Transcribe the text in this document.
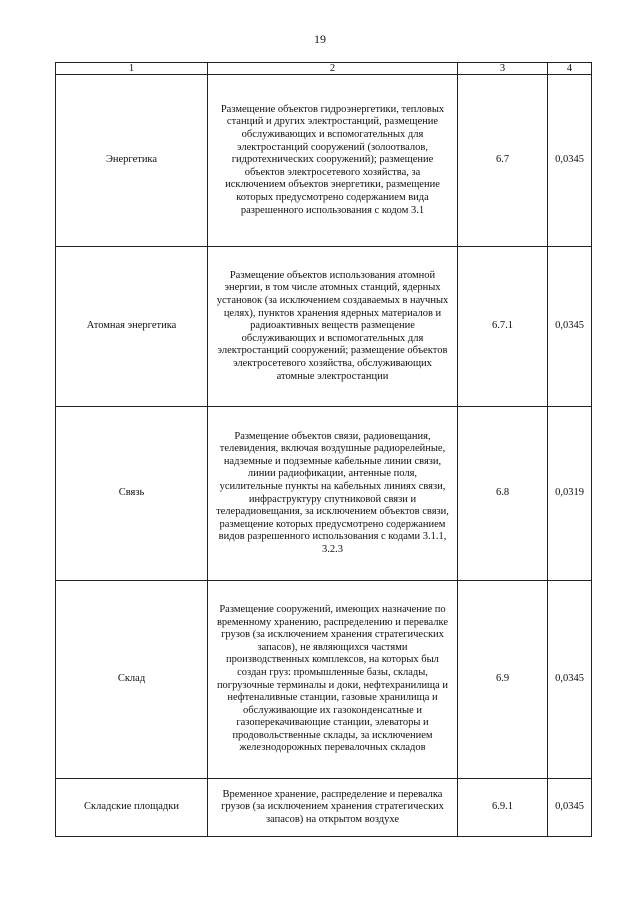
19
1	2	3	4
Энергетика	Размещение объектов гидроэнергетики, тепловых станций и других электростанций, размещение обслуживающих и вспомогательных для электростанций сооружений (золоотвалов, гидротехнических сооружений); размещение объектов электросетевого хозяйства, за исключением объектов энергетики, размещение которых предусмотрено содержанием вида разрешенного использования с кодом 3.1	6.7	0,0345
Атомная энергетика	Размещение объектов использования атомной энергии, в том числе атомных станций, ядерных установок (за исключением создаваемых в научных целях), пунктов хранения ядерных материалов и радиоактивных веществ размещение обслуживающих и вспомогательных для электростанций сооружений; размещение объектов электросетевого хозяйства, обслуживающих атомные электростанции	6.7.1	0,0345
Связь	Размещение объектов связи, радиовещания, телевидения, включая воздушные радиорелейные, надземные и подземные кабельные линии связи, линии радиофикации, антенные поля, усилительные пункты на кабельных линиях связи, инфраструктуру спутниковой связи и телерадиовещания, за исключением объектов связи, размещение которых предусмотрено содержанием видов разрешенного использования с кодами 3.1.1, 3.2.3	6.8	0,0319
Склад	Размещение сооружений, имеющих назначение по временному хранению, распределению и перевалке грузов (за исключением хранения стратегических запасов), не являющихся частями производственных комплексов, на которых был создан груз: промышленные базы, склады, погрузочные терминалы и доки, нефтехранилища и нефтеналивные станции, газовые хранилища и обслуживающие их газоконденсатные и газоперекачивающие станции, элеваторы и продовольственные склады, за исключением железнодорожных перевалочных складов	6.9	0,0345
Складские площадки	Временное хранение, распределение и перевалка грузов (за исключением хранения стратегических запасов) на открытом воздухе	6.9.1	0,0345
